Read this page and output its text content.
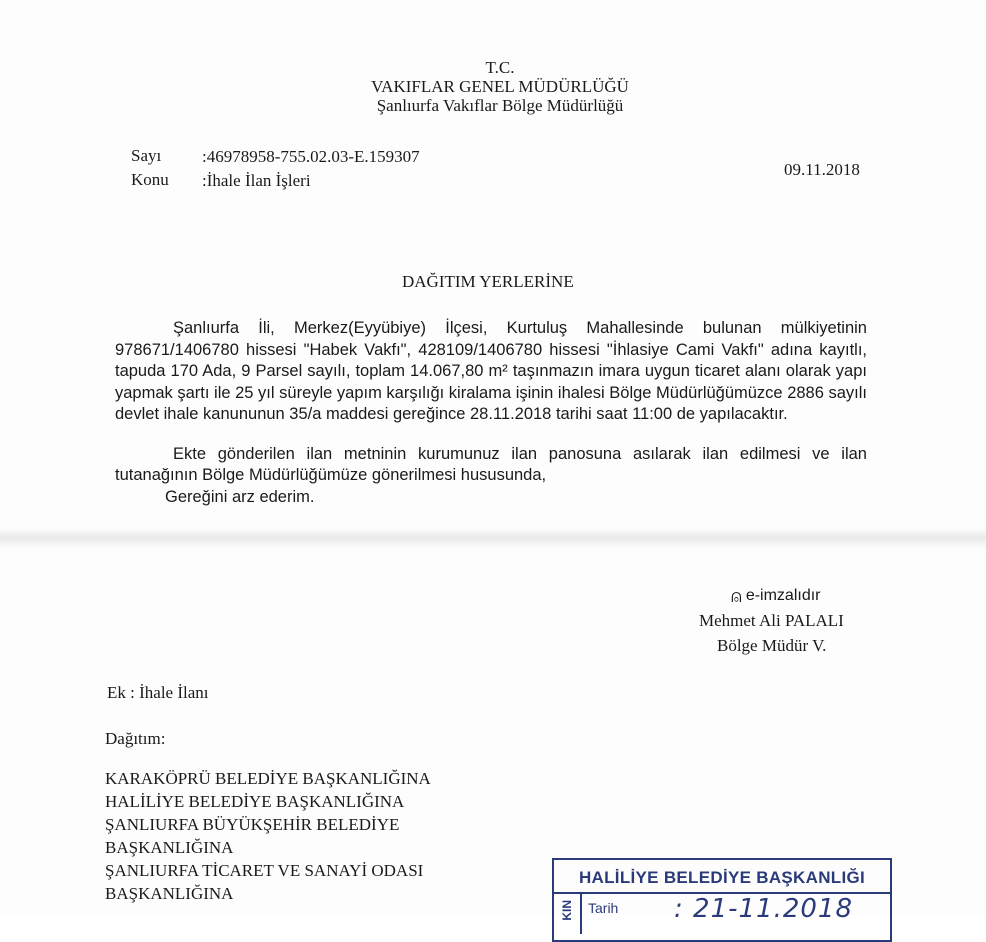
T.C.
VAKIFLAR GENEL MÜDÜRLÜĞÜ
Şanlıurfa Vakıflar Bölge Müdürlüğü
Sayı :46978958-755.02.03-E.159307
Konu :İhale İlan İşleri
09.11.2018
DAĞITIM YERLERİNE

Şanlıurfa İli, Merkez(Eyyübiye) İlçesi, Kurtuluş Mahallesinde bulunan mülkiyetinin 978671/1406780 hissesi "Habek Vakfı", 428109/1406780 hissesi "İhlasiye Cami Vakfı" adına kayıtlı, tapuda 170 Ada, 9 Parsel sayılı, toplam 14.067,80 m² taşınmazın imara uygun ticaret alanı olarak yapı yapmak şartı ile 25 yıl süreyle yapım karşılığı kiralama işinin ihalesi Bölge Müdürlüğümüzce 2886 sayılı devlet ihale kanununun 35/a maddesi gereğince 28.11.2018 tarihi saat 11:00 de yapılacaktır.

Ekte gönderilen ilan metninin kurumunuz ilan panosuna asılarak ilan edilmesi ve ilan tutanağının Bölge Müdürlüğümüze gönerilmesi hususunda,

Gereğini arz ederim.

⍝ e-imzalıdır
Mehmet Ali PALALI
Bölge Müdür V.
Ek : İhale İlanı
Dağıtım:
KARAKÖPRÜ BELEDİYE BAŞKANLIĞINA
HALİLİYE BELEDİYE BAŞKANLIĞINA
ŞANLIURFA BÜYÜKŞEHİR BELEDİYE
BAŞKANLIĞINA
ŞANLIURFA TİCARET VE SANAYİ ODASI
BAŞKANLIĞINA
HALİLİYE BELEDİYE BAŞKANLIĞI
KIN Tarih : 21-11.2018
